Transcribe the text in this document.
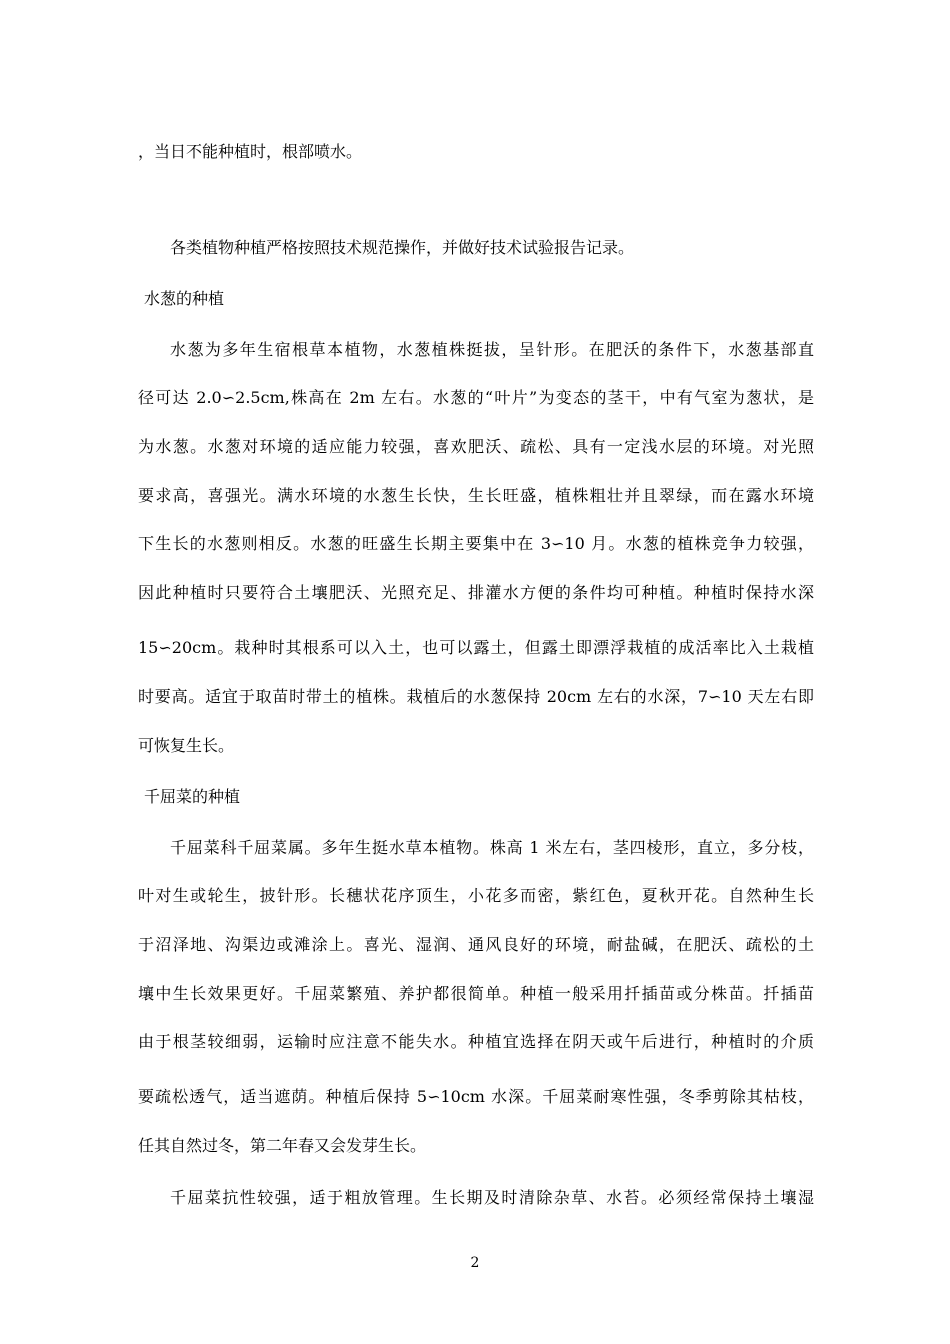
，当日不能种植时，根部喷水。
各类植物种植严格按照技术规范操作，并做好技术试验报告记录。
水葱的种植
水葱为多年生宿根草本植物，水葱植株挺拔，呈针形。在肥沃的条件下，水葱基部直
径可达 2.0∽2.5cm,株高在 2m 左右。水葱的“叶片”为变态的茎干，中有气室为葱状，是
为水葱。水葱对环境的适应能力较强，喜欢肥沃、疏松、具有一定浅水层的环境。对光照
要求高，喜强光。满水环境的水葱生长快，生长旺盛，植株粗壮并且翠绿，而在露水环境
下生长的水葱则相反。水葱的旺盛生长期主要集中在 3∽10 月。水葱的植株竞争力较强，
因此种植时只要符合土壤肥沃、光照充足、排灌水方便的条件均可种植。种植时保持水深
15∽20cm。栽种时其根系可以入土，也可以露土，但露土即漂浮栽植的成活率比入土栽植
时要高。适宜于取苗时带土的植株。栽植后的水葱保持 20cm 左右的水深，7∽10 天左右即
可恢复生长。
千屈菜的种植
千屈菜科千屈菜属。多年生挺水草本植物。株高 1 米左右，茎四棱形，直立，多分枝，
叶对生或轮生，披针形。长穗状花序顶生，小花多而密，紫红色，夏秋开花。自然种生长
于沼泽地、沟渠边或滩涂上。喜光、湿润、通风良好的环境，耐盐碱，在肥沃、疏松的土
壤中生长效果更好。千屈菜繁殖、养护都很简单。种植一般采用扦插苗或分株苗。扦插苗
由于根茎较细弱，运输时应注意不能失水。种植宜选择在阴天或午后进行，种植时的介质
要疏松透气，适当遮荫。种植后保持 5∽10cm 水深。千屈菜耐寒性强，冬季剪除其枯枝，
任其自然过冬，第二年春又会发芽生长。
千屈菜抗性较强，适于粗放管理。生长期及时清除杂草、水苔。必须经常保持土壤湿
2
